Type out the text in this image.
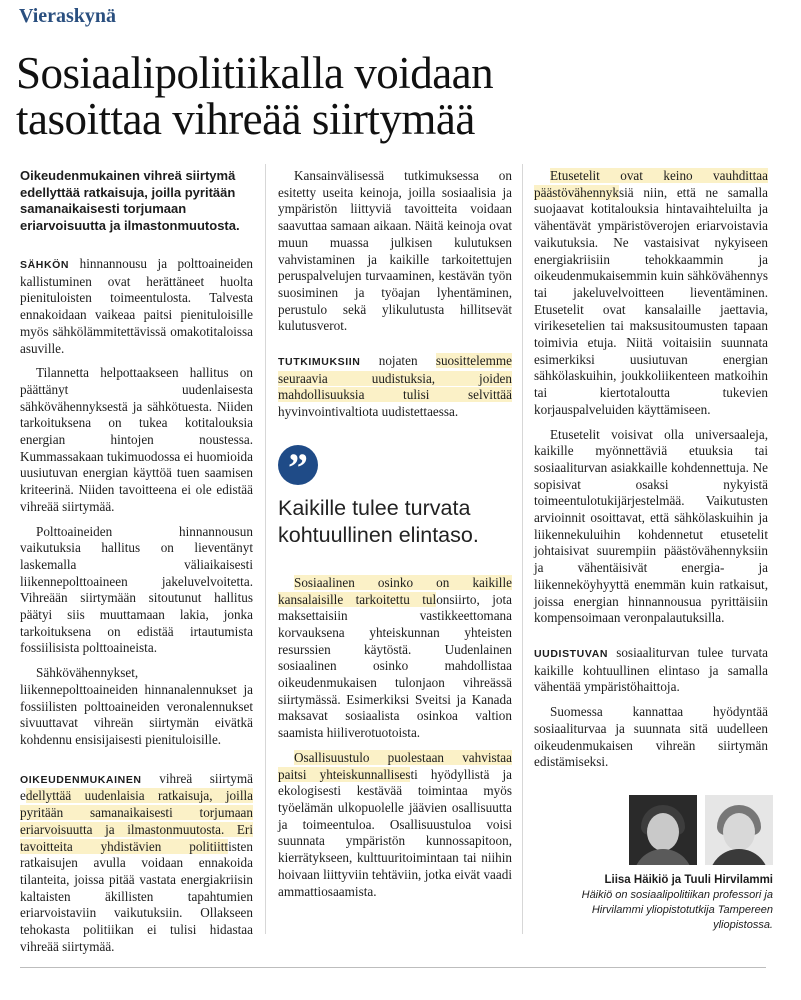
Vieraskynä
Sosiaalipolitiikalla voidaan
tasoittaa vihreää siirtymää

Oikeudenmukainen vihreä siirtymä edellyttää ratkaisuja, joilla pyritään samanaikaisesti torjumaan eriarvoisuutta ja ilmastonmuutosta.

SÄHKÖN hinnannousu ja polttoaineiden kallistuminen ovat herättäneet huolta pienituloisten toimeentulosta. Talvesta ennakoidaan vaikeaa paitsi pienituloisille myös sähkölämmitettävissä omakotitaloissa asuville.

Tilannetta helpottaakseen hallitus on päättänyt uudenlaisesta sähkövähennyksestä ja sähkötuesta. Niiden tarkoituksena on tukea kotitalouksia energian hintojen noustessa. Kummassakaan tukimuodossa ei huomioida uusiutuvan energian käyttöä tuen saamisen kriteerinä. Niiden tavoitteena ei ole edistää vihreää siirtymää.

Polttoaineiden hinnannousun vaikutuksia hallitus on lieventänyt laskemalla väliaikaisesti liikennepolttoaineen jakeluvelvoitetta. Vihreään siirtymään sitoutunut hallitus päätyi siis muuttamaan lakia, jonka tarkoituksena on edistää irtautumista fossiilisista polttoaineista.

Sähkövähennykset, liikennepolttoaineiden hinnanalennukset ja fossiilisten polttoaineiden veronalennukset sivuuttavat vihreän siirtymän eivätkä kohdennu ensisijaisesti pienituloisille.

OIKEUDENMUKAINEN vihreä siirtymä edellyttää uudenlaisia ratkaisuja, joilla pyritään samanaikaisesti torjumaan eriarvoisuutta ja ilmastonmuutosta. Eri tavoitteita yhdistävien politiittisten ratkaisujen avulla voidaan ennakoida tilanteita, joissa pitää vastata energiakriisin kaltaisten äkillisten tapahtumien eriarvoistaviin vaikutuksiin. Ollakseen tehokasta politiikan ei tulisi hidastaa vihreää siirtymää.

Kansainvälisessä tutkimuksessa on esitetty useita keinoja, joilla sosiaalisia ja ympäristön liittyviä tavoitteita voidaan saavuttaa samaan aikaan. Näitä keinoja ovat muun muassa julkisen kulutuksen vahvistaminen ja kaikille tarkoitettujen peruspalvelujen turvaaminen, kestävän työn suosiminen ja työajan lyhentäminen, perustulo sekä ylikulutusta hillitsevät kulutusverot.

TUTKIMUKSIIN nojaten suosittelemme seuraavia uudistuksia, joiden mahdollisuuksia tulisi selvittää hyvinvointivaltiota uudistettaessa.

”
Kaikille tulee turvata kohtuullinen elintaso.

Sosiaalinen osinko on kaikille kansalaisille tarkoitettu tulonsiirto, jota maksettaisiin vastikkeettomana korvauksena yhteiskunnan yhteisten resurssien käytöstä. Uudenlainen sosiaalinen osinko mahdollistaa oikeudenmukaisen tulonjaon vihreässä siirtymässä. Esimerkiksi Sveitsi ja Kanada maksavat sosiaalista osinkoa valtion saamista hiiliverotuotoista.

Osallisuustulo puolestaan vahvistaa paitsi yhteiskunnallisesti hyödyllistä ja ekologisesti kestävää toimintaa myös työelämän ulkopuolelle jäävien osallisuutta ja toimeentuloa. Osallisuustuloa voisi suunnata ympäristön kunnossapitoon, kierrätykseen, kulttuuritoimintaan tai niihin hoivaan liittyviin tehtäviin, jotka eivät vaadi ammattiosaamista.

Etusetelit ovat keino vauhdittaa päästövähennyksiä niin, että ne samalla suojaavat kotitalouksia hintavaihteluilta ja vähentävät ympäristöverojen eriarvoistavia vaikutuksia. Ne vastaisivat nykyiseen energiakriisiin tehokkaammin ja oikeudenmukaisemmin kuin sähkövähennys tai jakeluvelvoitteen lieventäminen. Etusetelit ovat kansalaille jaettavia, virikesetelien tai maksusitoumusten tapaan toimivia etuja. Niitä voitaisiin suunnata esimerkiksi uusiutuvan energian sähkölaskuihin, joukkoliikenteen matkoihin tai kiertotaloutta tukevien korjauspalveluiden käyttämiseen.

Etusetelit voisivat olla universaaleja, kaikille myönnettäviä etuuksia tai sosiaaliturvan asiakkaille kohdennettuja. Ne sopisivat osaksi nykyistä toimeentulotukijärjestelmää. Vaikutusten arvioinnit osoittavat, että sähkölaskuihin ja liikennekuluihin kohdennetut etusetelit johtaisivat suurempiin päästövähennyksiin ja vähentäisivät energia- ja liikenneköyhyyttä enemmän kuin ratkaisut, joissa energian hinnannousua pyrittäisiin kompensoimaan veronpalautuksilla.

UUDISTUVAN sosiaaliturvan tulee turvata kaikille kohtuullinen elintaso ja samalla vähentää ympäristöhaittoja.

Suomessa kannattaa hyödyntää sosiaaliturvaa ja suunnata sitä uudelleen oikeudenmukaisen vihreän siirtymän edistämiseksi.

Liisa Häikiö ja Tuuli Hirvilammi
Häikiö on sosiaalipolitiikan professori ja Hirvilammi yliopistotutkija Tampereen yliopistossa.
